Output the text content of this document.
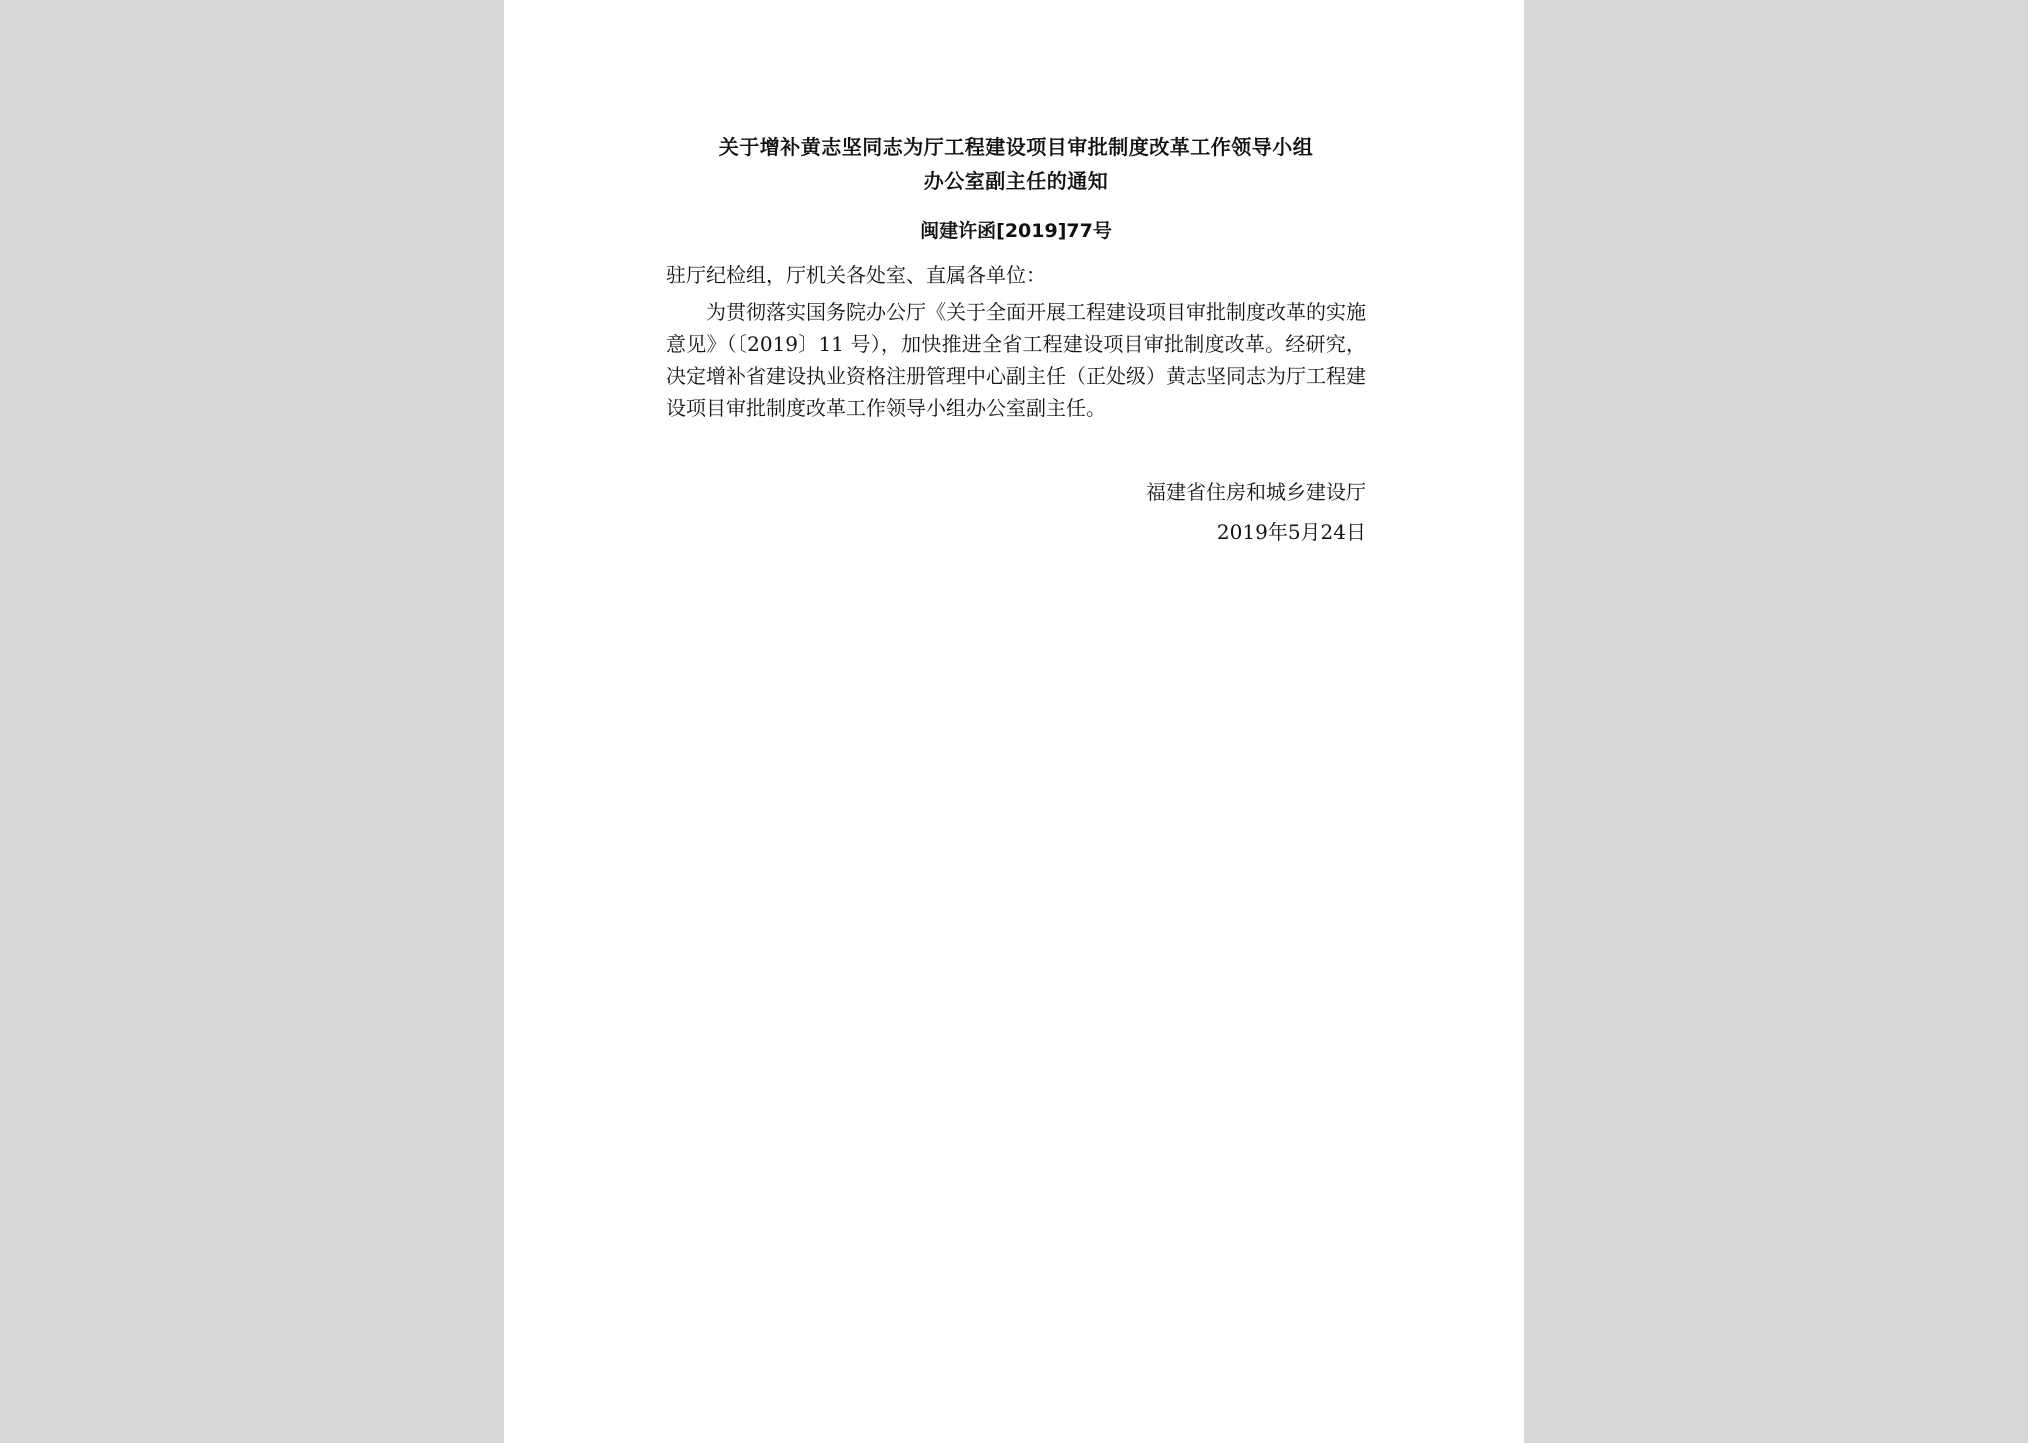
关于增补黄志坚同志为厅工程建设项目审批制度改革工作领导小组
办公室副主任的通知

闽建许函[2019]77号

驻厅纪检组，厅机关各处室、直属各单位：

为贯彻落实国务院办公厅《关于全面开展工程建设项目审批制度改革的实施意见》（〔2019〕11 号），加快推进全省工程建设项目审批制度改革。经研究，决定增补省建设执业资格注册管理中心副主任（正处级）黄志坚同志为厅工程建设项目审批制度改革工作领导小组办公室副主任。

福建省住房和城乡建设厅
2019年5月24日
